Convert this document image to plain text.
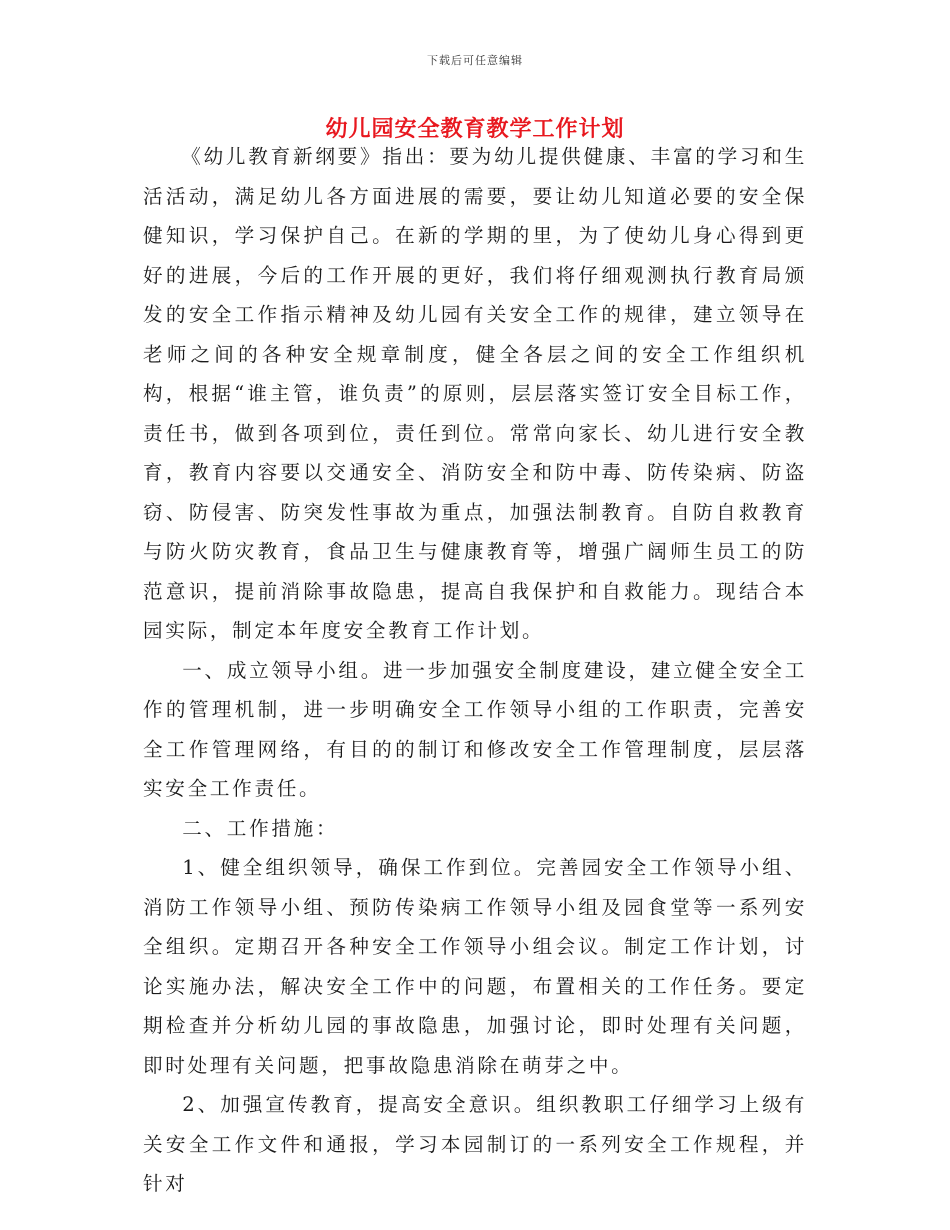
下载后可任意编辑
幼儿园安全教育教学工作计划

《幼儿教育新纲要》指出：要为幼儿提供健康、丰富的学习和生活活动，满足幼儿各方面进展的需要，要让幼儿知道必要的安全保健知识，学习保护自己。在新的学期的里，为了使幼儿身心得到更好的进展，今后的工作开展的更好，我们将仔细观测执行教育局颁发的安全工作指示精神及幼儿园有关安全工作的规律，建立领导在老师之间的各种安全规章制度，健全各层之间的安全工作组织机构，根据“谁主管，谁负责”的原则，层层落实签订安全目标工作，责任书，做到各项到位，责任到位。常常向家长、幼儿进行安全教育，教育内容要以交通安全、消防安全和防中毒、防传染病、防盗窃、防侵害、防突发性事故为重点，加强法制教育。自防自救教育与防火防灾教育，食品卫生与健康教育等，增强广阔师生员工的防范意识，提前消除事故隐患，提高自我保护和自救能力。现结合本园实际，制定本年度安全教育工作计划。

一、成立领导小组。进一步加强安全制度建设，建立健全安全工作的管理机制，进一步明确安全工作领导小组的工作职责，完善安全工作管理网络，有目的的制订和修改安全工作管理制度，层层落实安全工作责任。

二、工作措施：

1、健全组织领导，确保工作到位。完善园安全工作领导小组、消防工作领导小组、预防传染病工作领导小组及园食堂等一系列安全组织。定期召开各种安全工作领导小组会议。制定工作计划，讨论实施办法，解决安全工作中的问题，布置相关的工作任务。要定期检查并分析幼儿园的事故隐患，加强讨论，即时处理有关问题，即时处理有关问题，把事故隐患消除在萌芽之中。

2、加强宣传教育，提高安全意识。组织教职工仔细学习上级有关安全工作文件和通报，学习本园制订的一系列安全工作规程，并针对
